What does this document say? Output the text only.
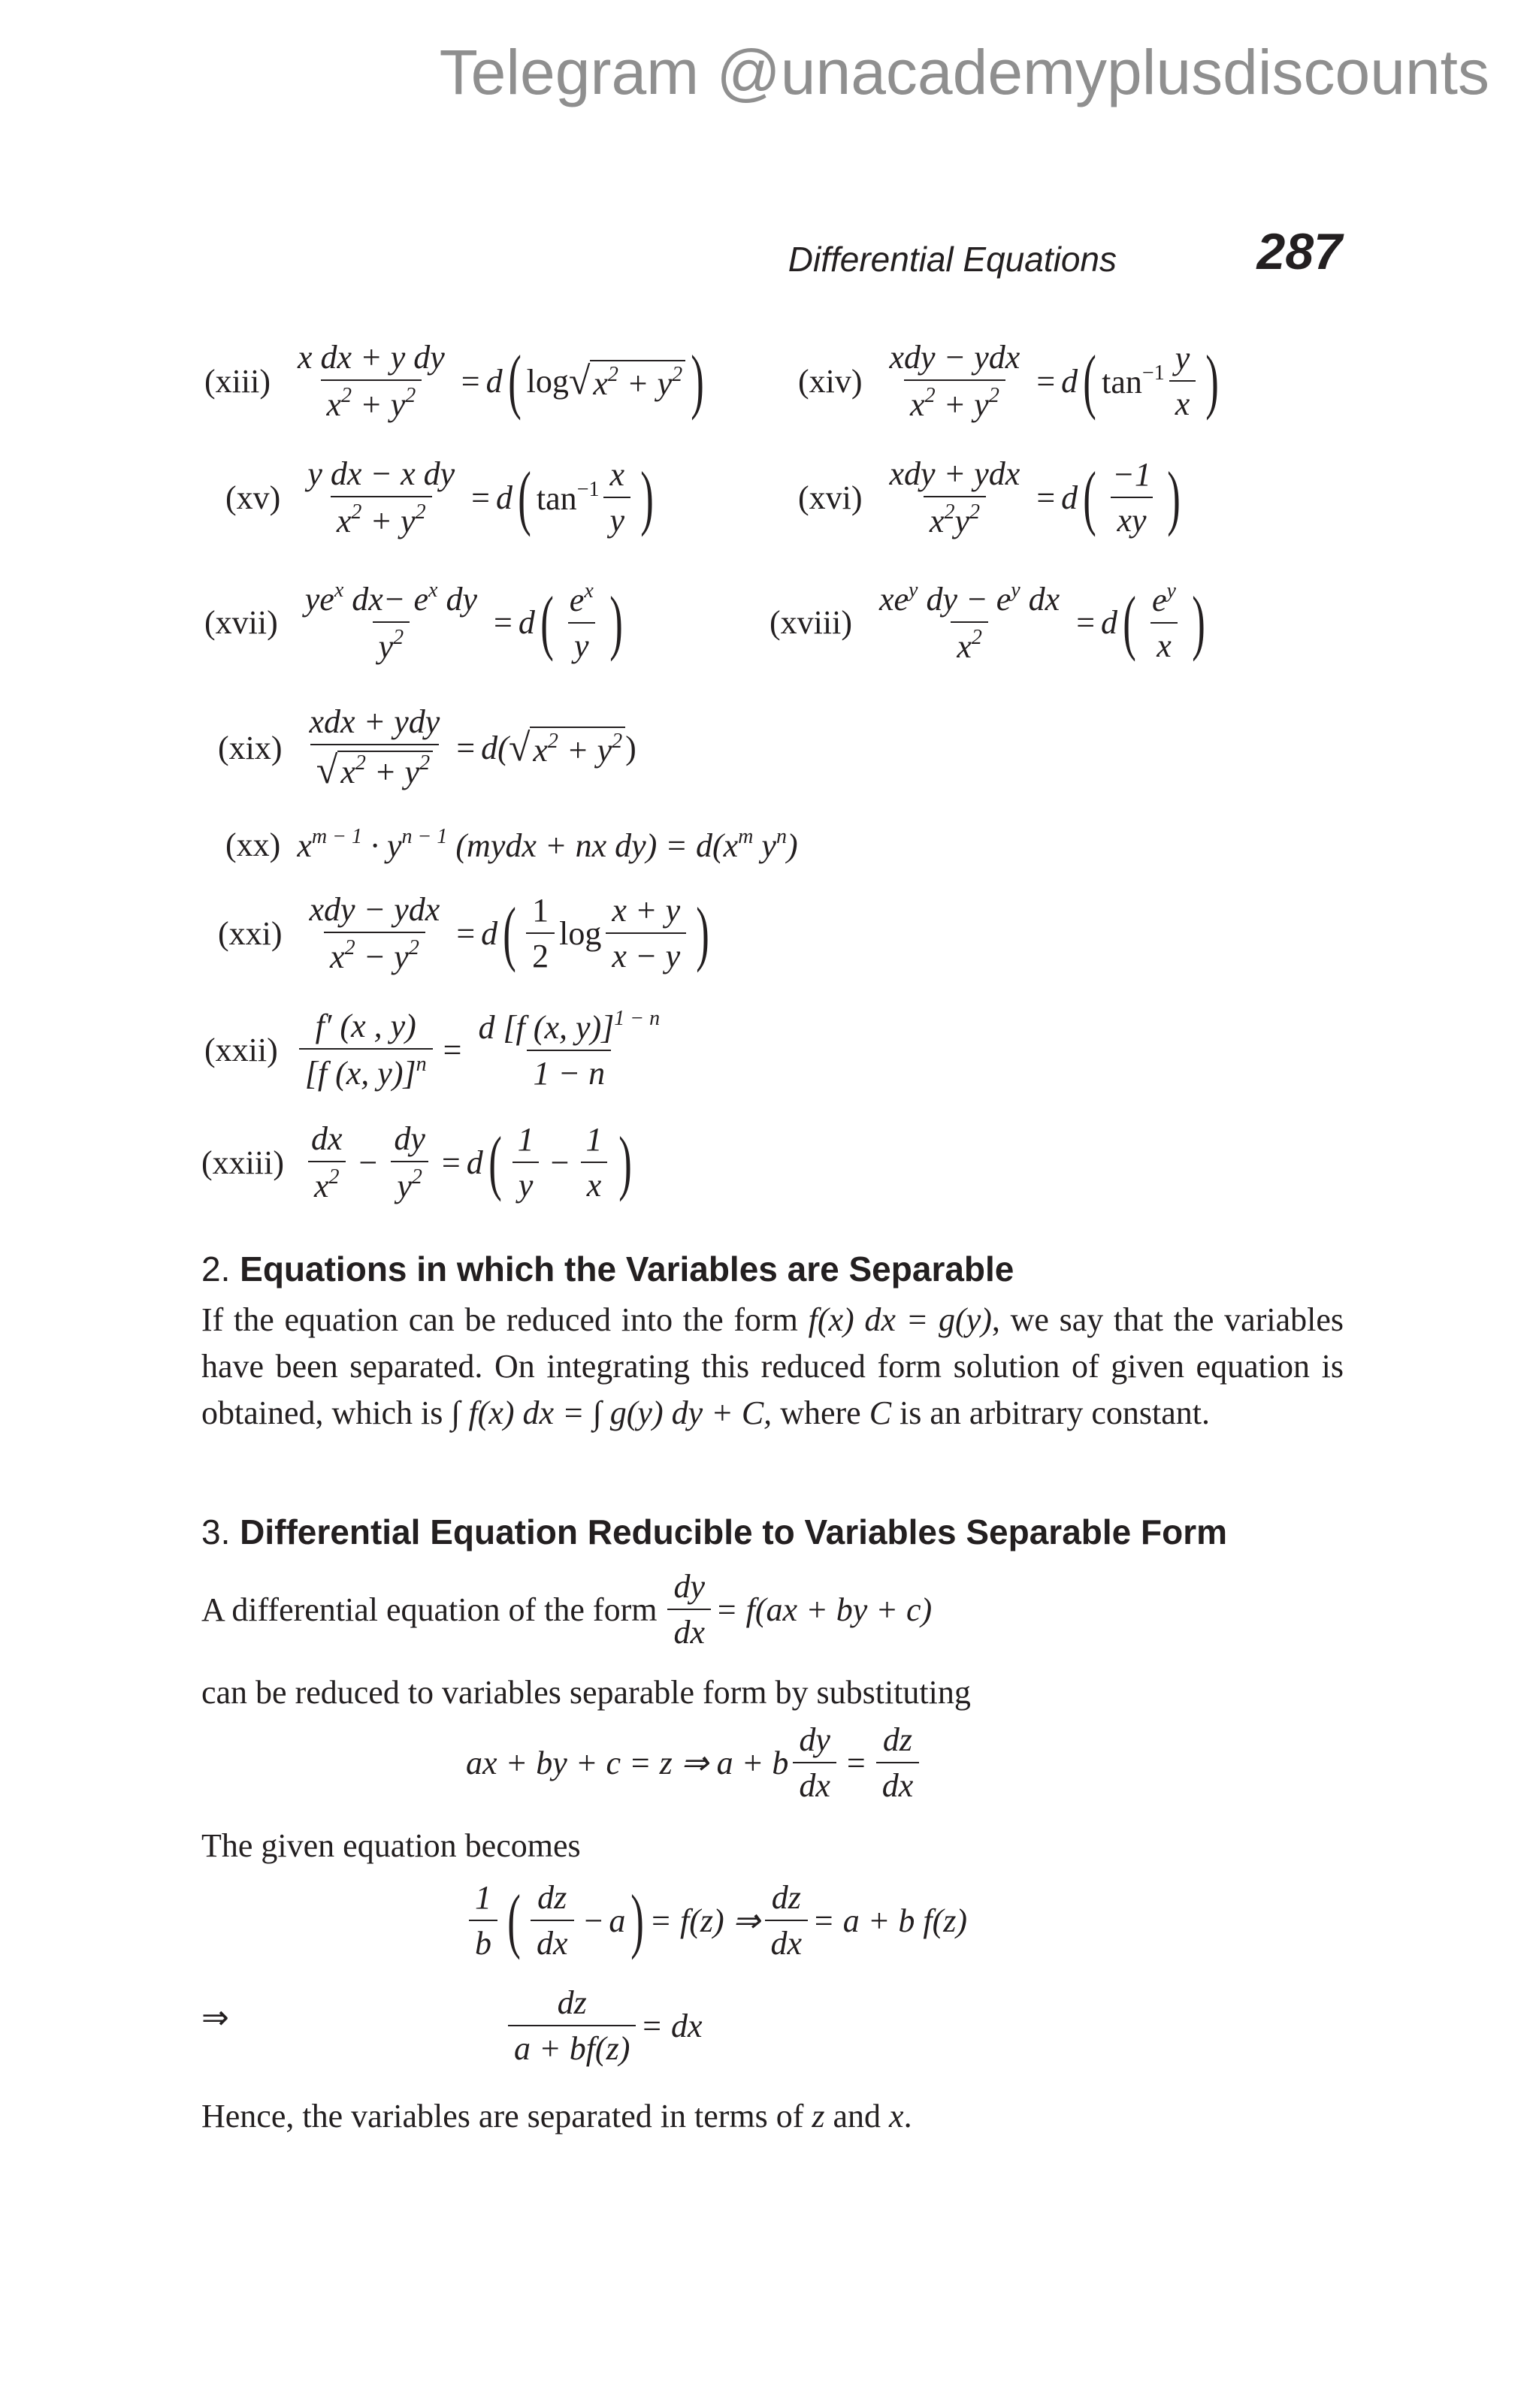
Telegram @unacademyplusdiscounts
Differential Equations	287
(xiii) $\frac{\text{x dx + y dy}}{x^2 + y^2} = d$ ( log √ $x^2 + y^2$ )	$(xiv) \frac{\text{xdy − ydx}}{x^2 + y^2} = d$ ( $\tan^{-1} \frac{y}{x}$ )
$(xv) \frac{\text{y dx − x dy}}{x^2 + y^2} = d$ ( $\tan^{-1} \frac{x}{y}$ )	$(xvi) \frac{\text{xdy + ydx}}{x^2y^2} = d$ ( $\frac{-1}{xy}$ )
(xvii) $\frac{ye^x dx- e^x dy}{y^2} = d$ ( $\frac{e^x}{y}$ )	(xviii) $\frac{xe^y dy - e^y dx}{x^2} = d$ ( $\frac{e^y}{x}$ )
$(xix) \frac{\text{xdx + ydy}}{√x^2 + y^2} = d$( √ $x^2 + y^2$ )
(xx) $x^{m - 1} \cdot y^{n - 1}$ (mydx + nx $dy) = d(x^m$ $y^n$)
$(xxi) \frac{\text{xdy − ydx}}{x^2 - y^2} = d$ ( $\frac{1}{2}$ $\log \frac{x + y}{x - y}$ )
(xxii) $\frac{f' (x , y)}{[f (x, y)]^n} = \frac{d [f (x, y)]^{1 - n}}{1 - n}$
(xxiii) $\frac{dx}{x^2} - \frac{dy}{y^2} = d$ ( $\frac{1}{y} - \frac{1}{x}$ )
2. Equations in which the Variables are Separable
If the equation can be reduced into the form f(x) dx = g(y), we say that the variables have been separated. On integrating this reduced form solution of given equation is obtained, which is ∫ f(x) dx = ∫ g(y) dy + C, where C is an arbitrary constant.
3. Differential Equation Reducible to Variables Separable Form
A differential equation of the form $\frac{dy}{dx} = f(ax$ + by + c)
can be reduced to variables separable form by substituting
ax + by + c = z ⇒ a + b $\frac{dy}{dx} = \frac{dz}{dx}$
The given equation becomes
$\frac{1}{b}$ ( $\frac{dz}{dx} - a$ ) = f(z) ⇒ $\frac{dz}{dx} = a + b$ f(z)
⇒	$\frac{dz}{a + bf(z)}$ = dx
Hence, the variables are separated in terms of z and x.
